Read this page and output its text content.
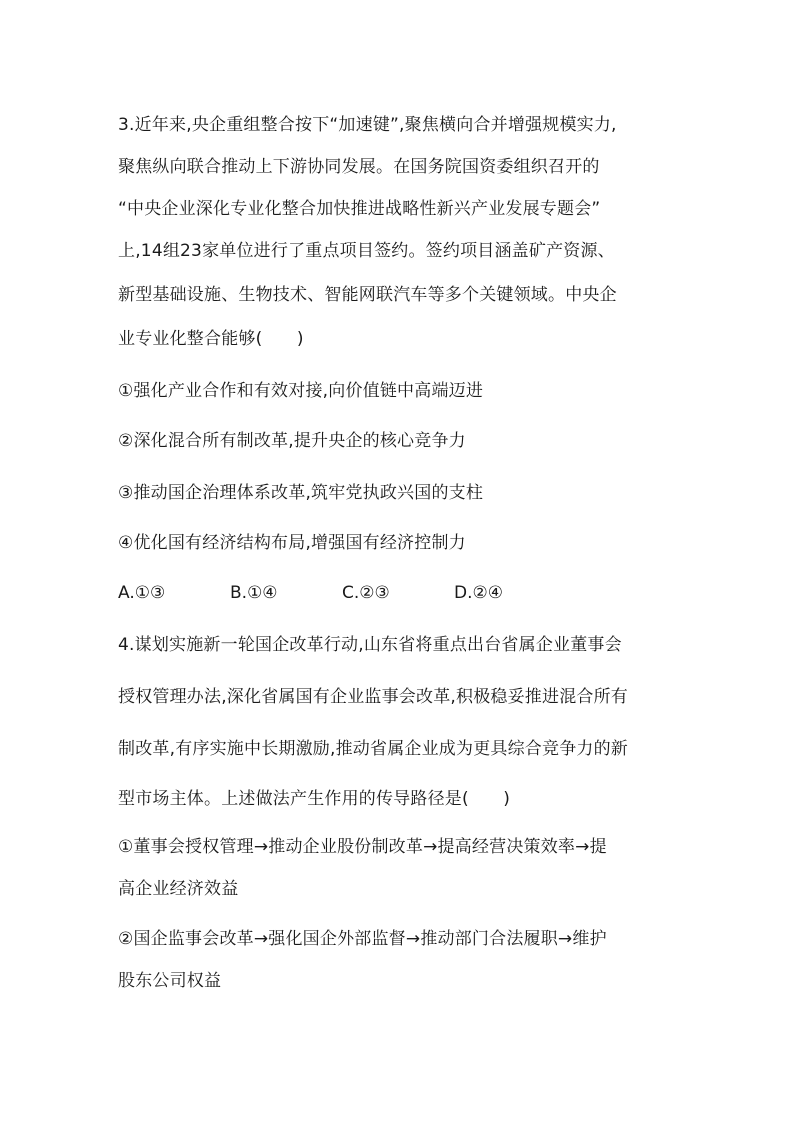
3.近年来,央企重组整合按下“加速键”,聚焦横向合并增强规模实力,
聚焦纵向联合推动上下游协同发展。在国务院国资委组织召开的
“中央企业深化专业化整合加快推进战略性新兴产业发展专题会”
上,14组23家单位进行了重点项目签约。签约项目涵盖矿产资源、
新型基础设施、生物技术、智能网联汽车等多个关键领域。中央企
业专业化整合能够(　　)
①强化产业合作和有效对接,向价值链中高端迈进
②深化混合所有制改革,提升央企的核心竞争力
③推动国企治理体系改革,筑牢党执政兴国的支柱
④优化国有经济结构布局,增强国有经济控制力
A.①③	B.①④	C.②③	D.②④
4.谋划实施新一轮国企改革行动,山东省将重点出台省属企业董事会
授权管理办法,深化省属国有企业监事会改革,积极稳妥推进混合所有
制改革,有序实施中长期激励,推动省属企业成为更具综合竞争力的新
型市场主体。上述做法产生作用的传导路径是(　　)
①董事会授权管理→推动企业股份制改革→提高经营决策效率→提
高企业经济效益
②国企监事会改革→强化国企外部监督→推动部门合法履职→维护
股东公司权益
